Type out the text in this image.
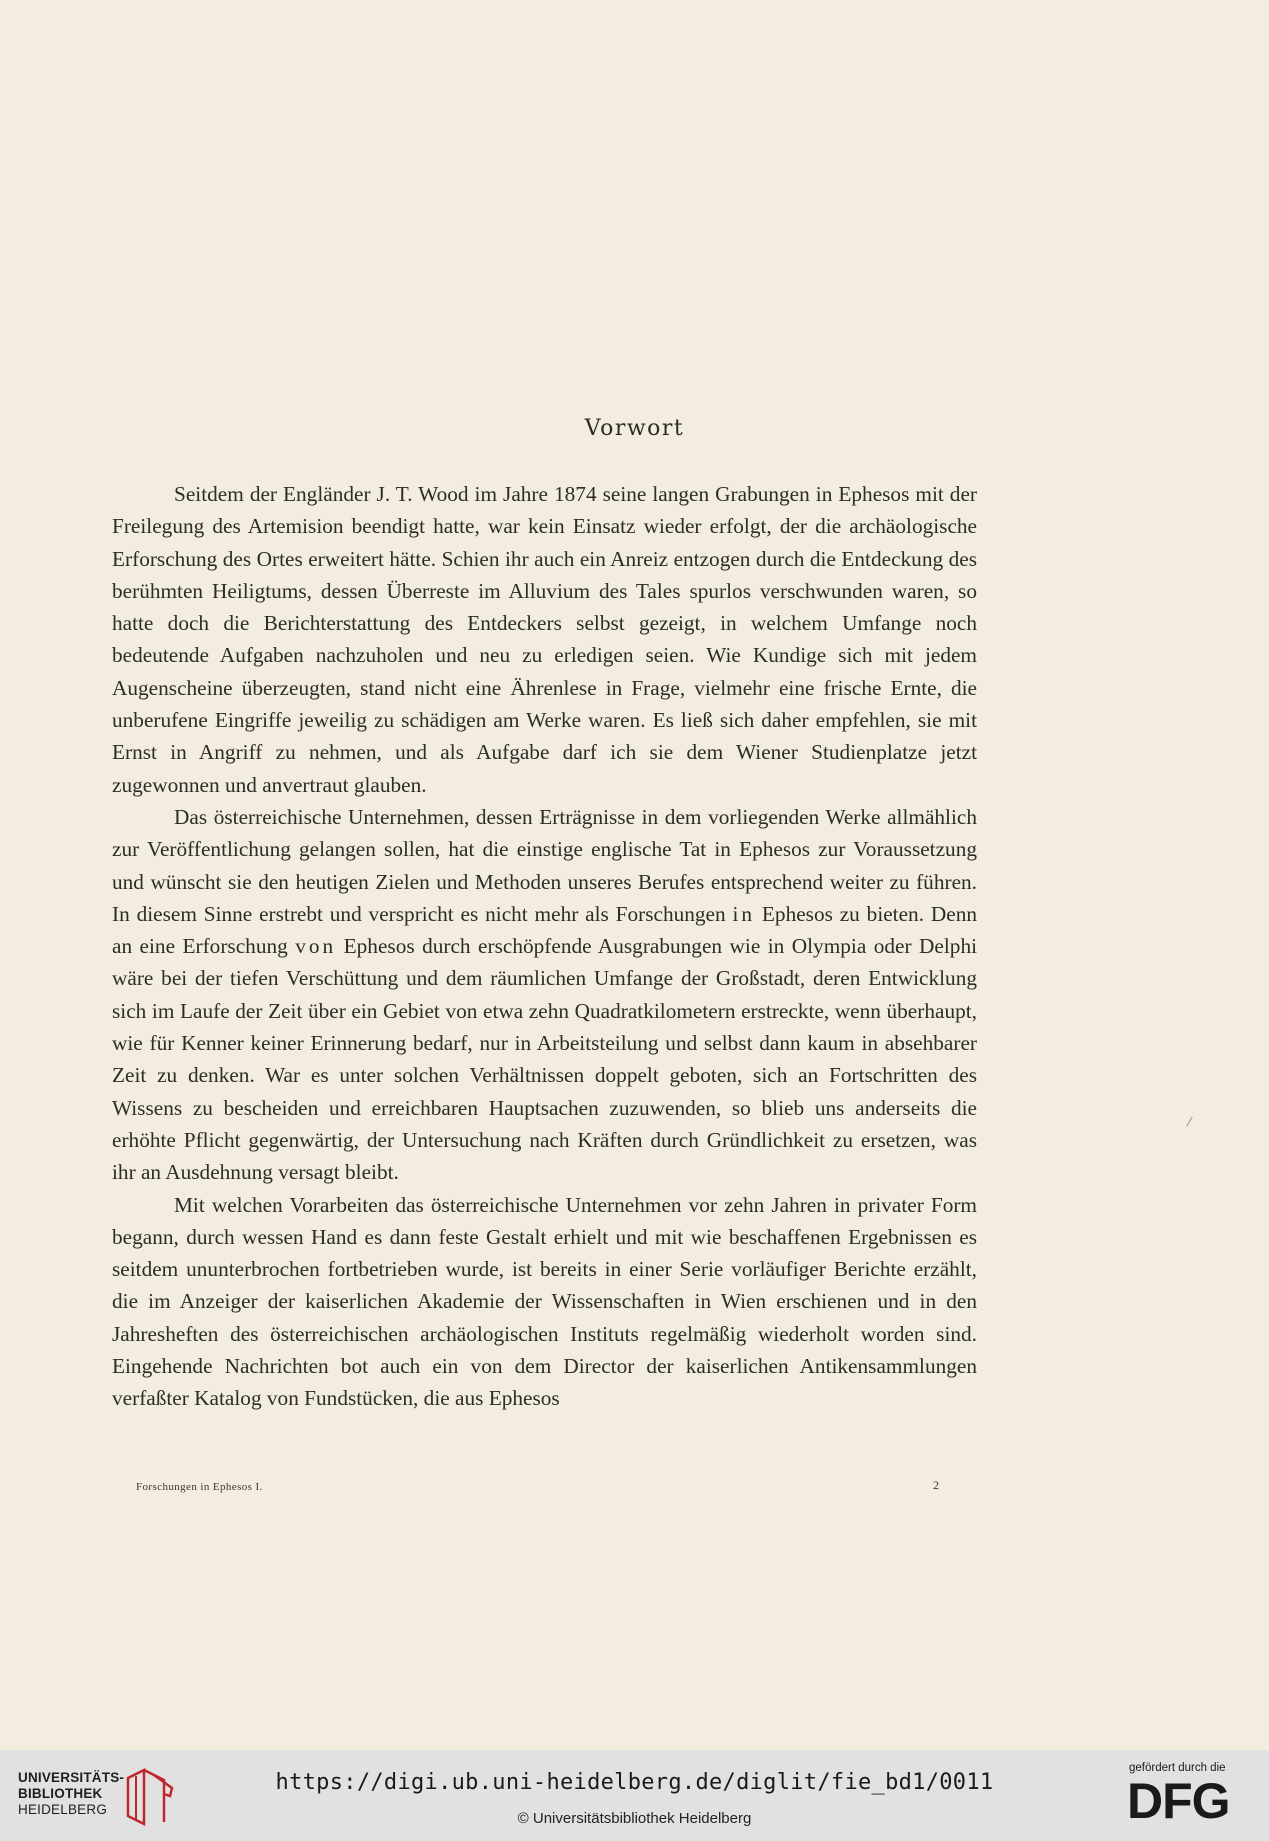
Vorwort

Seitdem der Engländer J. T. Wood im Jahre 1874 seine langen Grabungen in Ephesos mit der Freilegung des Artemision beendigt hatte, war kein Einsatz wieder erfolgt, der die archäologische Erforschung des Ortes erweitert hätte. Schien ihr auch ein Anreiz entzogen durch die Entdeckung des berühmten Heiligtums, dessen Überreste im Alluvium des Tales spurlos verschwunden waren, so hatte doch die Berichterstattung des Entdeckers selbst gezeigt, in welchem Umfange noch bedeutende Aufgaben nachzuholen und neu zu erledigen seien. Wie Kundige sich mit jedem Augenscheine überzeugten, stand nicht eine Ährenlese in Frage, vielmehr eine frische Ernte, die unberufene Eingriffe jeweilig zu schädigen am Werke waren. Es ließ sich daher empfehlen, sie mit Ernst in Angriff zu nehmen, und als Aufgabe darf ich sie dem Wiener Studienplatze jetzt zugewonnen und anvertraut glauben.

Das österreichische Unternehmen, dessen Erträgnisse in dem vorliegenden Werke allmählich zur Veröffentlichung gelangen sollen, hat die einstige englische Tat in Ephesos zur Voraussetzung und wünscht sie den heutigen Zielen und Methoden unseres Berufes entsprechend weiter zu führen. In diesem Sinne erstrebt und verspricht es nicht mehr als Forschungen in Ephesos zu bieten. Denn an eine Erforschung von Ephesos durch erschöpfende Ausgrabungen wie in Olympia oder Delphi wäre bei der tiefen Verschüttung und dem räumlichen Umfange der Großstadt, deren Entwicklung sich im Laufe der Zeit über ein Gebiet von etwa zehn Quadratkilometern erstreckte, wenn überhaupt, wie für Kenner keiner Erinnerung bedarf, nur in Arbeitsteilung und selbst dann kaum in absehbarer Zeit zu denken. War es unter solchen Verhältnissen doppelt geboten, sich an Fortschritten des Wissens zu bescheiden und erreichbaren Hauptsachen zuzuwenden, so blieb uns anderseits die erhöhte Pflicht gegenwärtig, der Untersuchung nach Kräften durch Gründlichkeit zu ersetzen, was ihr an Ausdehnung versagt bleibt.

Mit welchen Vorarbeiten das österreichische Unternehmen vor zehn Jahren in privater Form begann, durch wessen Hand es dann feste Gestalt erhielt und mit wie beschaffenen Ergebnissen es seitdem ununterbrochen fortbetrieben wurde, ist bereits in einer Serie vorläufiger Berichte erzählt, die im Anzeiger der kaiserlichen Akademie der Wissenschaften in Wien erschienen und in den Jahresheften des österreichischen archäologischen Instituts regelmäßig wiederholt worden sind. Eingehende Nachrichten bot auch ein von dem Director der kaiserlichen Antikensammlungen verfaßter Katalog von Fundstücken, die aus Ephesos

Forschungen in Ephesos I.	2
UNIVERSITÄTS-
BIBLIOTHEK
HEIDELBERG
https://digi.ub.uni-heidelberg.de/diglit/fie_bd1/0011
© Universitätsbibliothek Heidelberg
gefördert durch die
DFG
